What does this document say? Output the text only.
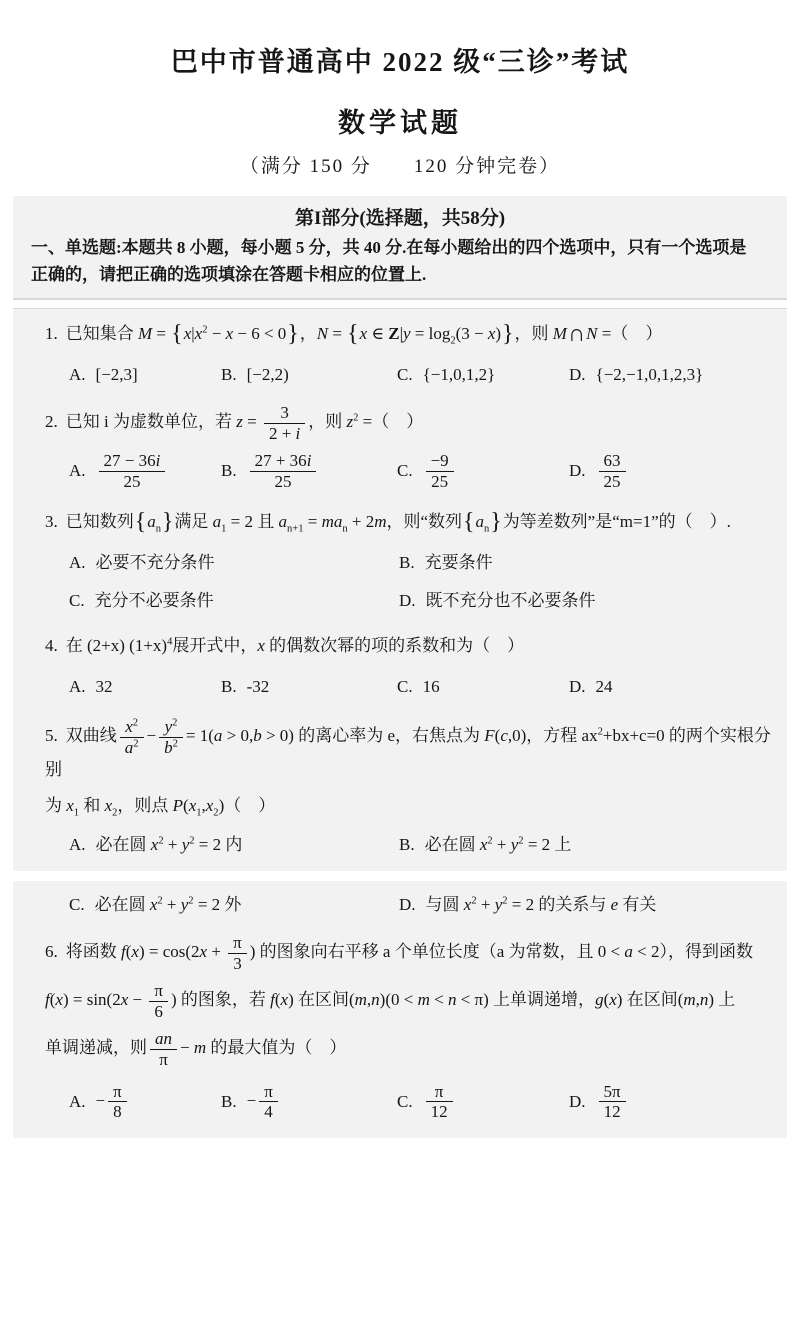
巴中市普通高中 2022 级“三诊”考试
数学试题
（满分 150 分　　120 分钟完卷）
第I部分(选择题，共58分)
一、单选题:本题共 8 小题，每小题 5 分，共 40 分.在每小题给出的四个选项中，只有一个选项是
正确的，请把正确的选项填涂在答题卡相应的位置上.
1. 已知集合 $M = \{x|x^2 - x - 6 < 0\}$，N = {x ∈ $Z|y = \log_2(3 - x)$}，则 M∩N =（　）
A. [−2,3]	B. [−2,2)	C. {−1,0,1,2}	D. {−2,−1,0,1,2,3}
2. 已知 i 为虚数单位，若 $z = \frac{3}{2 + i}$ ，则 $z^2$ =（　）
A. $\frac{27 - 36i}{25}$	B. $\frac{27 + 36i}{25}$	C. $\frac{-9}{25}$	D. $\frac{63}{25}$
3. 已知数列$\{a_n\}$满足 $a_1 = 2$ 且 $a_{n+1} = ma_n + 2m$，则“数列$\{a_n\}$为等差数列”是“m=1”的（　）.
A. 必要不充分条件	B. 充要条件
C. 充分不必要条件	D. 既不充分也不必要条件
4. 在 (2+x) $(1+x)^4$展开式中，x 的偶数次幂的项的系数和为（　）
A. 32	B. -32	C. 16	D. 24
5. 双曲线 $\frac{x^2}{a^2} - \frac{y^2}{b^2} = 1(a > 0,b > 0)$ 的离心率为 e，右焦点为 F(c,0)，方程 $ax^2+bx+c=0$ 的两个实根分别
为 $x_1$ 和 $x_2$，则点 $P(x_1,x_2)$（　）
A. 必在圆 $x^2 + y^2 = 2$ 内	B. 必在圆 $x^2 + y^2 = 2$ 上
C. 必在圆 $x^2 + y^2 = 2$ 外	D. 与圆 $x^2 + y^2 = 2$ 的关系与 e 有关
6. 将函数 $f(x) = \cos(2x + \frac{\pi}{3}$ ) 的图象向右平移 a 个单位长度（a 为常数，且 0 < a < 2），得到函数
$f(x) = \sin(2x - \frac{\pi}{6}$ ) 的图象，若 f(x) 在区间(m,n)(0 < m < n < π) 上单调递增，g(x) 在区间(m,n) 上
单调递减，则 $\frac{an}{\pi} - m$ 的最大值为（　）
A. − $\frac{\pi}{8}$	B. − $\frac{\pi}{4}$	C. $\frac{\pi}{12}$	D. $\frac{5\pi}{12}$
